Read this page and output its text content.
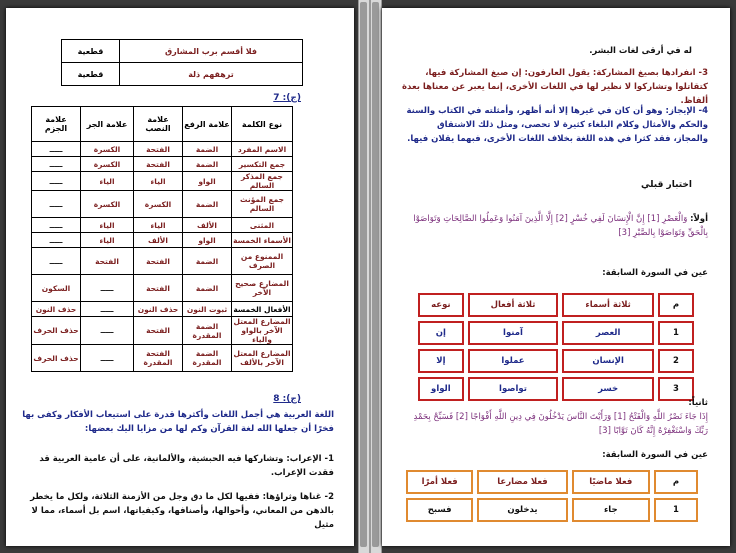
فلا أقسم برب المشارق	قطعية
ترهقهم ذلة	قطعية
(ج): 7
نوع الكلمة	علامة الرفع	علامة النصب	علامة الجر	علامة الجزم
الاسم المفرد	الضمة	الفتحة	الكسرة	ـــــ
جمع التكسير	الضمة	الفتحة	الكسرة	ـــــ
جمع المذكر السالم	الواو	الياء	الياء	ـــــ
جمع المؤنث السالم	الضمة	الكسرة	الكسرة	ـــــ
المثنى	الألف	الياء	الياء	ـــــ
الأسماء الخمسة	الواو	الألف	الياء	ـــــ
الممنوع من الصرف	الضمة	الفتحة	الفتحة	ـــــ
المضارع صحيح الآخر	الضمة	الفتحة	ـــــ	السكون
الأفعال الخمسة	ثبوت النون	حذف النون	ـــــ	حذف النون
المضارع المعتل الآخر بالواو والياء	الضمة المقدرة	الفتحة	ـــــ	حذف الحرف
المضارع المعتل الآخر بالألف	الضمة المقدرة	الفتحة المقدرة	ـــــ	حذف الحرف
(ج): 8
اللغة العربية هي أجمل اللغات وأكثرها قدرة على استيعاب الأفكار وكفى بها فخرًا أن جعلها الله لغة القرآن وكم لها من مزايا اليك بعضها:
1- الإعراب: وتشاركها فيه الحبشية، والألمانية، على أن عامية العربية قد فقدت الإعراب.
2- غناها وثراؤها: ففيها لكل ما دق وجل من الأزمنة الثلاثة، ولكل ما يخطر بالذهن من المعاني، وأحوالها، وأصنافها، وكيفياتها، اسم بل أسماء، مما لا مثيل
له في أرقى لغات البشر.
3- انفرادها بصيغ المشاركة: يقول العارفون: إن صيغ المشاركة فيها، كتقاتلوا وتشاركوا لا نظير لها في اللغات الأخرى، إنما يعبر عن معناها بعدة ألفاظ.
4- الإيجاز: وهو أن كان في غيرها إلا أنه أظهر، وأمثلته في الكتاب والسنة والحكم والأمثال وكلام البلغاء كثيرة لا تحصى، ومثل ذلك الاشتقاق والمجاز، فقد كثرا في هذه اللغة بخلاف اللغات الأخرى، فبهما يقلان فيها.
اختبار قبلي
أولاً: وَالْعَصْرِ [1] إِنَّ الْإِنسَانَ لَفِي خُسْرٍ [2] إِلَّا الَّذِينَ آمَنُوا وَعَمِلُوا الصَّالِحَاتِ وَتَوَاصَوْا بِالْحَقِّ وَتَوَاصَوْا بِالصَّبْرِ [3]
عين في السورة السابقة:
م	ثلاثة أسماء	ثلاثة أفعال	نوعه
1	العصر	آمنوا	إن
2	الإنسان	عملوا	إلا
3	خسر	تواصوا	الواو
ثانياً:
إِذَا جَاءَ نَصْرُ اللَّهِ وَالْفَتْحُ [1] وَرَأَيْتَ النَّاسَ يَدْخُلُونَ فِي دِينِ اللَّهِ أَفْوَاجًا [2] فَسَبِّحْ بِحَمْدِ رَبِّكَ وَاسْتَغْفِرْهُ إِنَّهُ كَانَ تَوَّابًا [3]
عين في السورة السابقة:
م	فعلا ماضيًا	فعلا مضارعا	فعلا أمرًا
1	جاء	يدخلون	فسبح
